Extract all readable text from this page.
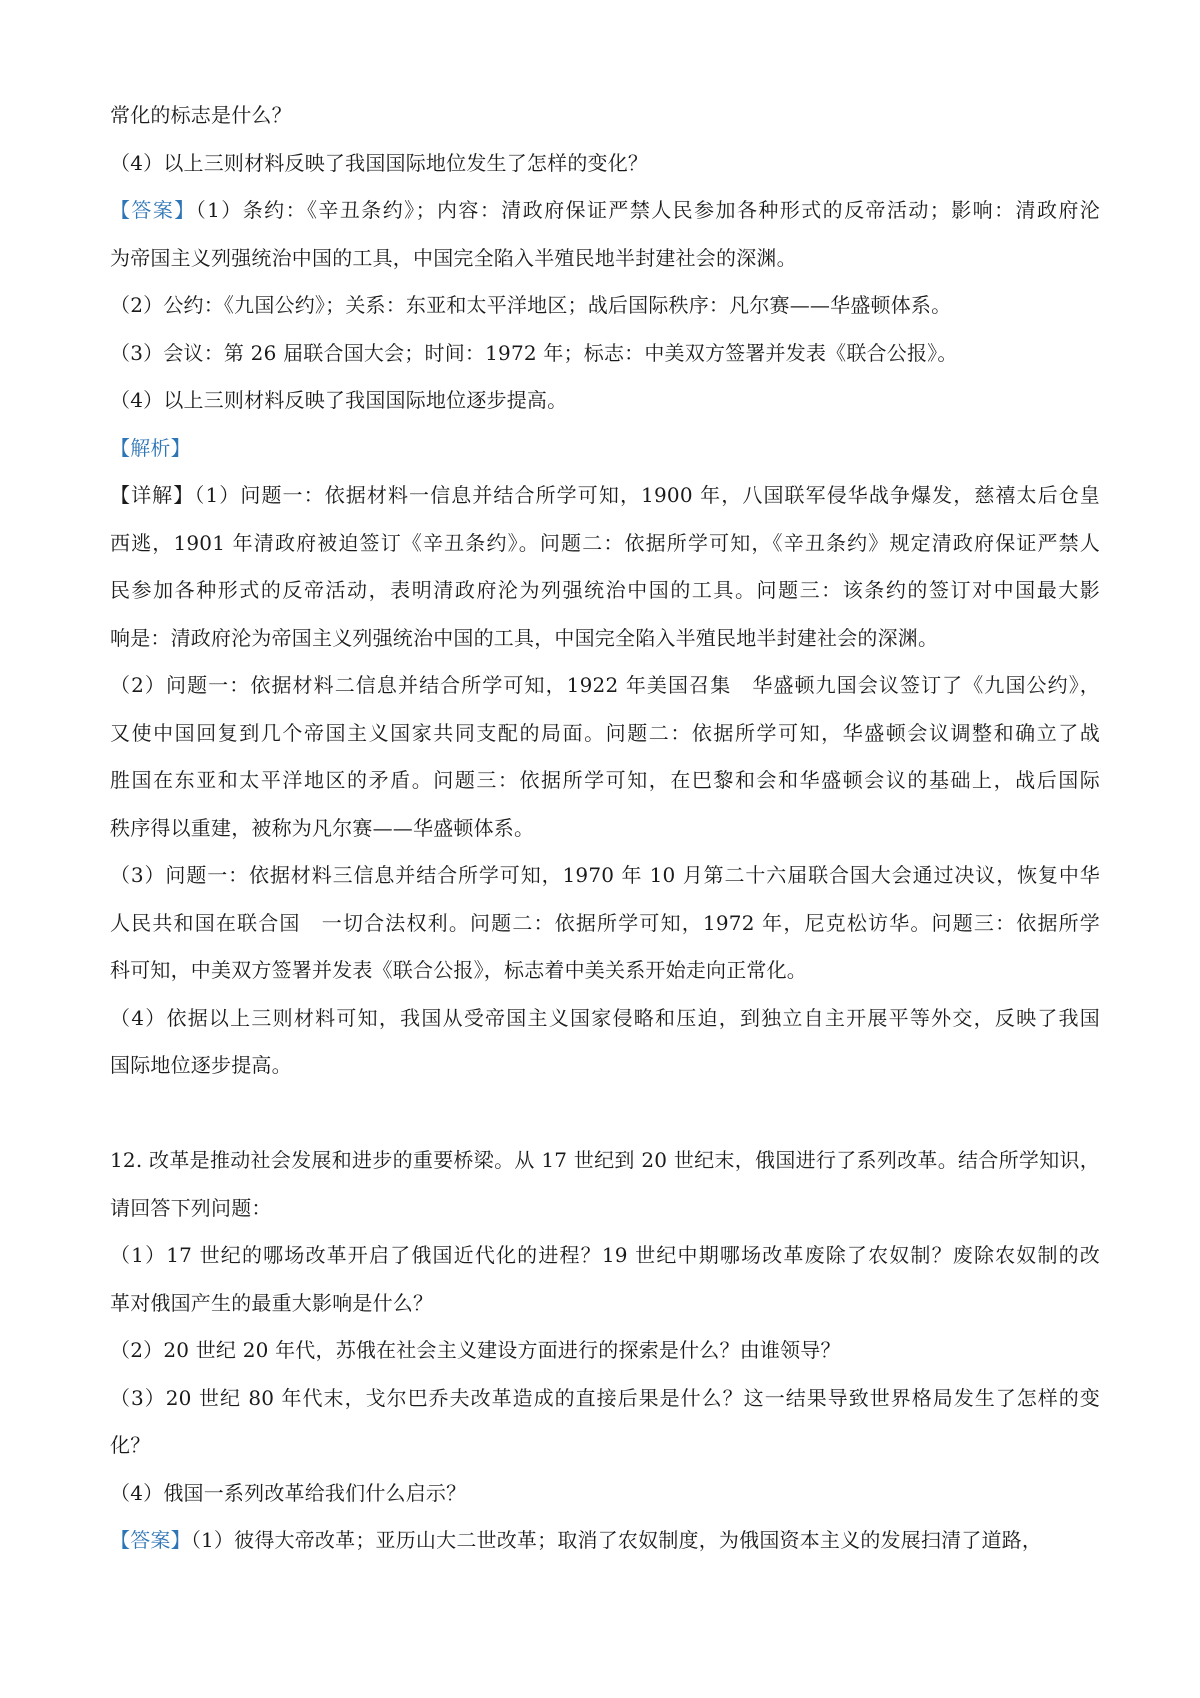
常化的标志是什么？
（4）以上三则材料反映了我国国际地位发生了怎样的变化？
【答案】（1）条约：《辛丑条约》；内容：清政府保证严禁人民参加各种形式的反帝活动；影响：清政府沦
为帝国主义列强统治中国的工具，中国完全陷入半殖民地半封建社会的深渊。
（2）公约：《九国公约》；关系：东亚和太平洋地区；战后国际秩序：凡尔赛——华盛顿体系。
（3）会议：第 26 届联合国大会；时间：1972 年；标志：中美双方签署并发表《联合公报》。
（4）以上三则材料反映了我国国际地位逐步提高。
【解析】
【详解】（1）问题一：依据材料一信息并结合所学可知，1900 年，八国联军侵华战争爆发，慈禧太后仓皇
西逃，1901 年清政府被迫签订《辛丑条约》。问题二：依据所学可知，《辛丑条约》规定清政府保证严禁人
民参加各种形式的反帝活动，表明清政府沦为列强统治中国的工具。问题三：该条约的签订对中国最大影
响是：清政府沦为帝国主义列强统治中国的工具，中国完全陷入半殖民地半封建社会的深渊。
（2）问题一：依据材料二信息并结合所学可知，1922 年美国召集　华盛顿九国会议签订了《九国公约》，
又使中国回复到几个帝国主义国家共同支配的局面。问题二：依据所学可知，华盛顿会议调整和确立了战
胜国在东亚和太平洋地区的矛盾。问题三：依据所学可知，在巴黎和会和华盛顿会议的基础上，战后国际
秩序得以重建，被称为凡尔赛——华盛顿体系。
（3）问题一：依据材料三信息并结合所学可知，1970 年 10 月第二十六届联合国大会通过决议，恢复中华
人民共和国在联合国　一切合法权利。问题二：依据所学可知，1972 年，尼克松访华。问题三：依据所学
科可知，中美双方签署并发表《联合公报》，标志着中美关系开始走向正常化。
（4）依据以上三则材料可知，我国从受帝国主义国家侵略和压迫，到独立自主开展平等外交，反映了我国
国际地位逐步提高。
12. 改革是推动社会发展和进步的重要桥梁。从 17 世纪到 20 世纪末，俄国进行了系列改革。结合所学知识，
请回答下列问题：
（1）17 世纪的哪场改革开启了俄国近代化的进程？19 世纪中期哪场改革废除了农奴制？废除农奴制的改
革对俄国产生的最重大影响是什么？
（2）20 世纪 20 年代，苏俄在社会主义建设方面进行的探索是什么？由谁领导？
（3）20 世纪 80 年代末，戈尔巴乔夫改革造成的直接后果是什么？这一结果导致世界格局发生了怎样的变
化？
（4）俄国一系列改革给我们什么启示？
【答案】（1）彼得大帝改革；亚历山大二世改革；取消了农奴制度，为俄国资本主义的发展扫清了道路，
